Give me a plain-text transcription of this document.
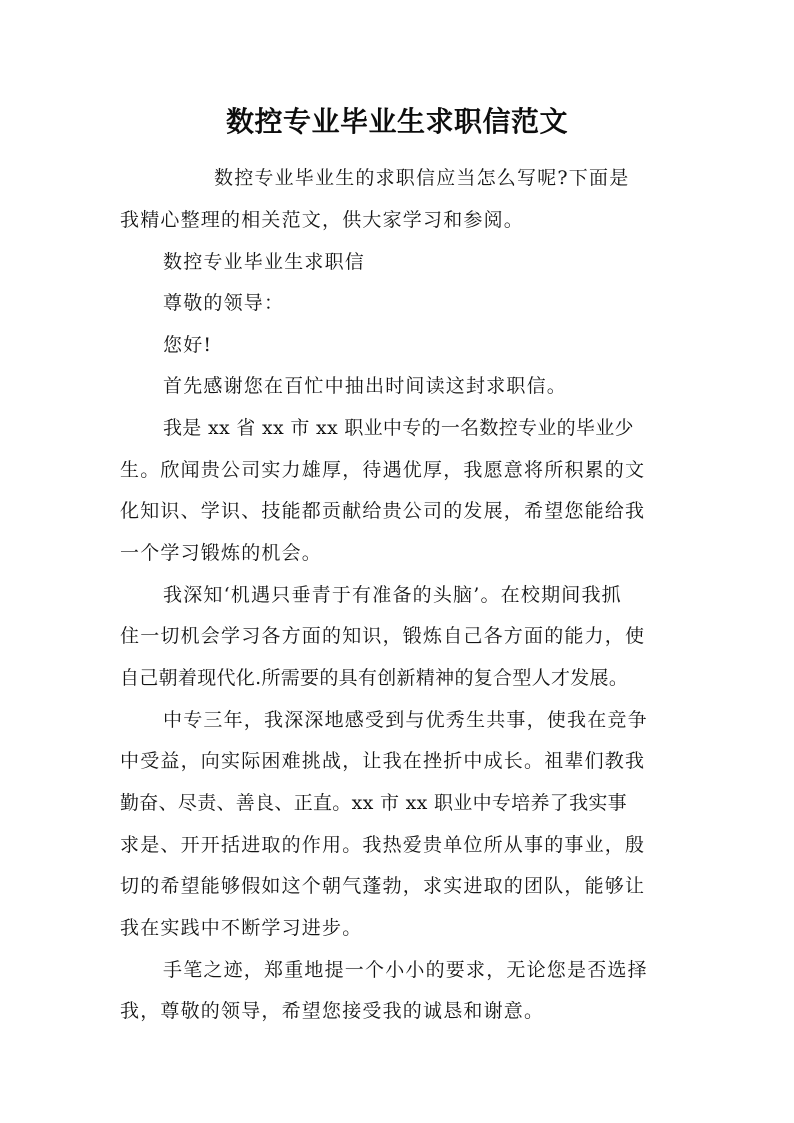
数控专业毕业生求职信范文
数控专业毕业生的求职信应当怎么写呢?下面是
我精心整理的相关范文，供大家学习和参阅。
数控专业毕业生求职信
尊敬的领导：
您好!
首先感谢您在百忙中抽出时间读这封求职信。
我是 xx 省 xx 市 xx 职业中专的一名数控专业的毕业少
生。欣闻贵公司实力雄厚，待遇优厚，我愿意将所积累的文
化知识、学识、技能都贡献给贵公司的发展，希望您能给我
一个学习锻炼的机会。
我深知‘机遇只垂青于有准备的头脑’。在校期间我抓
住一切机会学习各方面的知识，锻炼自己各方面的能力，使
自己朝着现代化.所需要的具有创新精神的复合型人才发展。
中专三年，我深深地感受到与优秀生共事，使我在竞争
中受益，向实际困难挑战，让我在挫折中成长。祖辈们教我
勤奋、尽责、善良、正直。xx 市 xx 职业中专培养了我实事
求是、开开括进取的作用。我热爱贵单位所从事的事业，殷
切的希望能够假如这个朝气蓬勃，求实进取的团队，能够让
我在实践中不断学习进步。
手笔之迹，郑重地提一个小小的要求，无论您是否选择
我，尊敬的领导，希望您接受我的诚恳和谢意。
